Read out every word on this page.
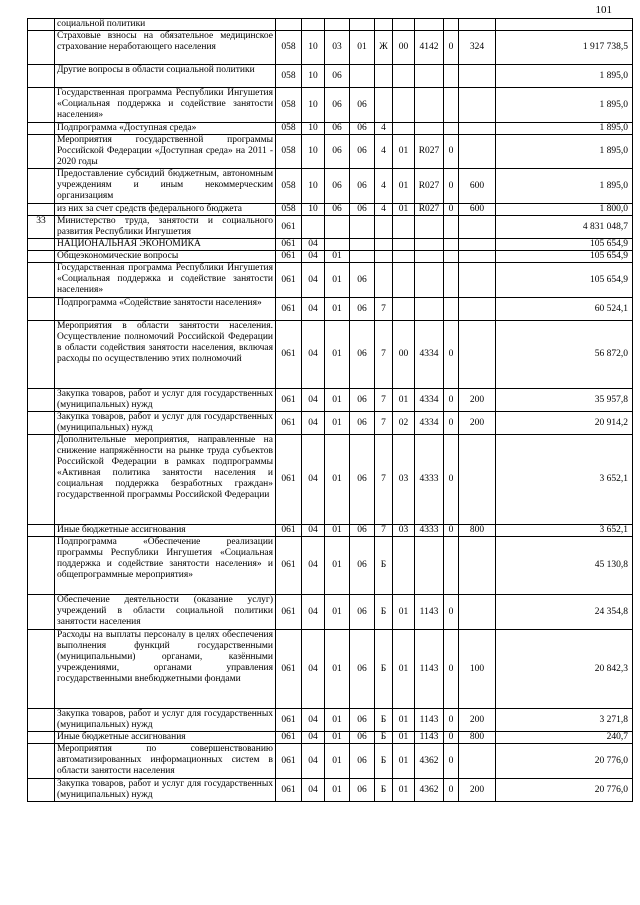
101
	социальной политики										
	Страховые взносы на обязательное медицинское страхование неработающего населения	058	10	03	01	Ж	00	4142	0	324	1 917 738,5
	Другие вопросы в области социальной политики	058	10	06							1 895,0
	Государственная программа Республики Ингушетия «Социальная поддержка и содействие занятости населения»	058	10	06	06						1 895,0
	Подпрограмма «Доступная среда»	058	10	06	06	4					1 895,0
	Мероприятия государственной программы Российской Федерации «Доступная среда» на 2011 - 2020 годы	058	10	06	06	4	01	R027	0		1 895,0
	Предоставление субсидий бюджетным, автономным учреждениям и иным некоммерческим организациям	058	10	06	06	4	01	R027	0	600	1 895,0
	из них за счет средств федерального бюджета	058	10	06	06	4	01	R027	0	600	1 800,0
33	Министерство труда, занятости и социального развития Республики Ингушетия	061									4 831 048,7
	НАЦИОНАЛЬНАЯ ЭКОНОМИКА	061	04								105 654,9
	Общеэкономические вопросы	061	04	01							105 654,9
	Государственная программа Республики Ингушетия «Социальная поддержка и содействие занятости населения»	061	04	01	06						105 654,9
	Подпрограмма «Содействие занятости населения»	061	04	01	06	7					60 524,1
	Мероприятия в области занятости населения. Осуществление полномочий Российской Федерации в области содействия занятости населения, включая расходы по осуществлению этих полномочий	061	04	01	06	7	00	4334	0		56 872,0
	Закупка товаров, работ и услуг для государственных (муниципальных) нужд	061	04	01	06	7	01	4334	0	200	35 957,8
	Закупка товаров, работ и услуг для государственных (муниципальных) нужд	061	04	01	06	7	02	4334	0	200	20 914,2
	Дополнительные мероприятия, направленные на снижение напряжённости на рынке труда субъектов Российской Федерации в рамках подпрограммы «Активная политика занятости населения и социальная поддержка безработных граждан» государственной программы Российской Федерации	061	04	01	06	7	03	4333	0		3 652,1
	Иные бюджетные ассигнования	061	04	01	06	7	03	4333	0	800	3 652,1
	Подпрограмма «Обеспечение реализации программы Республики Ингушетия «Социальная поддержка и содействие занятости населения» и общепрограммные мероприятия»	061	04	01	06	Б					45 130,8
	Обеспечение деятельности (оказание услуг) учреждений в области социальной политики занятости населения	061	04	01	06	Б	01	1143	0		24 354,8
	Расходы на выплаты персоналу в целях обеспечения выполнения функций государственными (муниципальными) органами, казёнными учреждениями, органами управления государственными внебюджетными фондами	061	04	01	06	Б	01	1143	0	100	20 842,3
	Закупка товаров, работ и услуг для государственных (муниципальных) нужд	061	04	01	06	Б	01	1143	0	200	3 271,8
	Иные бюджетные ассигнования	061	04	01	06	Б	01	1143	0	800	240,7
	Мероприятия по совершенствованию автоматизированных информационных систем в области занятости населения	061	04	01	06	Б	01	4362	0		20 776,0
	Закупка товаров, работ и услуг для государственных (муниципальных) нужд	061	04	01	06	Б	01	4362	0	200	20 776,0
